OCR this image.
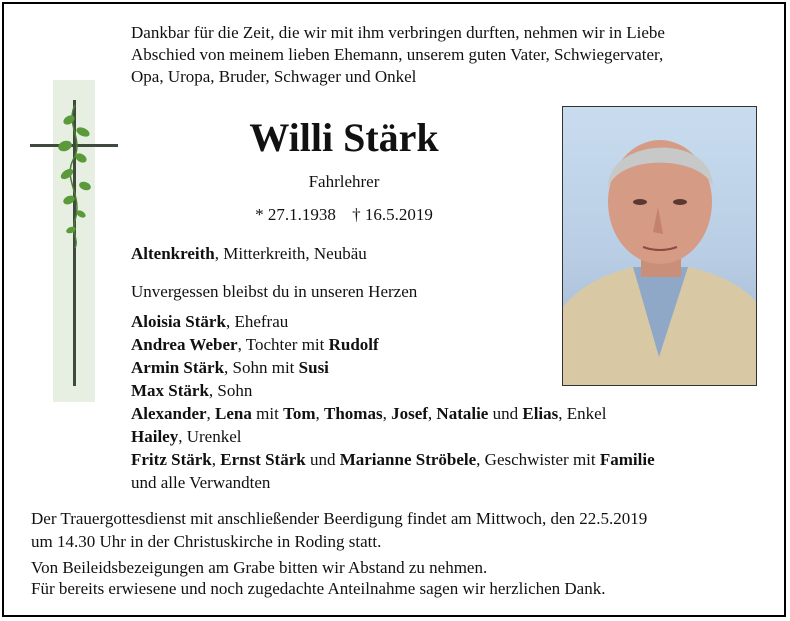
Dankbar für die Zeit, die wir mit ihm verbringen durften, nehmen wir in Liebe
Abschied von meinem lieben Ehemann, unserem guten Vater, Schwiegervater,
Opa, Uropa, Bruder, Schwager und Onkel
Willi Stärk
Fahrlehrer
* 27.1.1938 † 16.5.2019
Altenkreith, Mitterkreith, Neubäu
Unvergessen bleibst du in unseren Herzen
Aloisia Stärk, Ehefrau
Andrea Weber, Tochter mit Rudolf
Armin Stärk, Sohn mit Susi
Max Stärk, Sohn
Alexander, Lena mit Tom, Thomas, Josef, Natalie und Elias, Enkel
Hailey, Urenkel
Fritz Stärk, Ernst Stärk und Marianne Ströbele, Geschwister mit Familie
und alle Verwandten
Der Trauergottesdienst mit anschließender Beerdigung findet am Mittwoch, den 22.5.2019
um 14.30 Uhr in der Christuskirche in Roding statt.
Von Beileidsbezeigungen am Grabe bitten wir Abstand zu nehmen.
Für bereits erwiesene und noch zugedachte Anteilnahme sagen wir herzlichen Dank.
